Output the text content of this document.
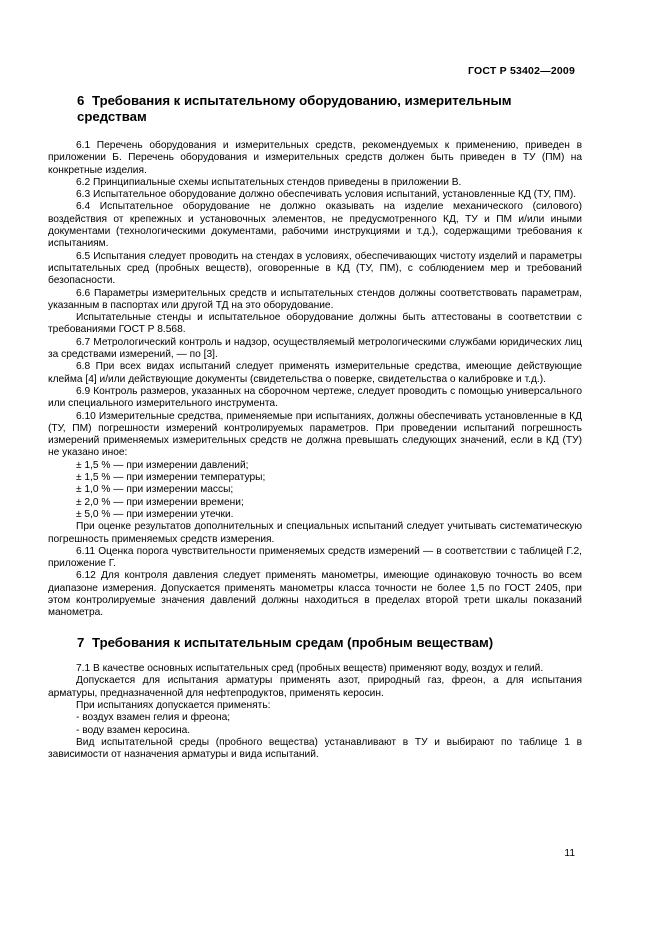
ГОСТ Р 53402—2009
6 Требования к испытательному оборудованию, измерительным средствам

6.1 Перечень оборудования и измерительных средств, рекомендуемых к применению, приведен в приложении Б. Перечень оборудования и измерительных средств должен быть приведен в ТУ (ПМ) на конкретные изделия.

6.2 Принципиальные схемы испытательных стендов приведены в приложении В.

6.3 Испытательное оборудование должно обеспечивать условия испытаний, установленные КД (ТУ, ПМ).

6.4 Испытательное оборудование не должно оказывать на изделие механического (силового) воздействия от крепежных и установочных элементов, не предусмотренного КД, ТУ и ПМ и/или иными документами (технологическими документами, рабочими инструкциями и т.д.), содержащими требования к испытаниям.

6.5 Испытания следует проводить на стендах в условиях, обеспечивающих чистоту изделий и параметры испытательных сред (пробных веществ), оговоренные в КД (ТУ, ПМ), с соблюдением мер и требований безопасности.

6.6 Параметры измерительных средств и испытательных стендов должны соответствовать параметрам, указанным в паспортах или другой ТД на это оборудование.

Испытательные стенды и испытательное оборудование должны быть аттестованы в соответствии с требованиями ГОСТ Р 8.568.

6.7 Метрологический контроль и надзор, осуществляемый метрологическими службами юридических лиц за средствами измерений, — по [3].

6.8 При всех видах испытаний следует применять измерительные средства, имеющие действующие клейма [4] и/или действующие документы (свидетельства о поверке, свидетельства о калибровке и т.д.).

6.9 Контроль размеров, указанных на сборочном чертеже, следует проводить с помощью универсального или специального измерительного инструмента.

6.10 Измерительные средства, применяемые при испытаниях, должны обеспечивать установленные в КД (ТУ, ПМ) погрешности измерений контролируемых параметров. При проведении испытаний погрешность измерений применяемых измерительных средств не должна превышать следующих значений, если в КД (ТУ) не указано иное:

± 1,5 % — при измерении давлений;

± 1,5 % — при измерении температуры;

± 1,0 % — при измерении массы;

± 2,0 % — при измерении времени;

± 5,0 % — при измерении утечки.

При оценке результатов дополнительных и специальных испытаний следует учитывать систематическую погрешность применяемых средств измерения.

6.11 Оценка порога чувствительности применяемых средств измерений — в соответствии с таблицей Г.2, приложение Г.

6.12 Для контроля давления следует применять манометры, имеющие одинаковую точность во всем диапазоне измерения. Допускается применять манометры класса точности не более 1,5 по ГОСТ 2405, при этом контролируемые значения давлений должны находиться в пределах второй трети шкалы показаний манометра.

7 Требования к испытательным средам (пробным веществам)

7.1 В качестве основных испытательных сред (пробных веществ) применяют воду, воздух и гелий.

Допускается для испытания арматуры применять азот, природный газ, фреон, а для испытания арматуры, предназначенной для нефтепродуктов, применять керосин.

При испытаниях допускается применять:

- воздух взамен гелия и фреона;

- воду взамен керосина.

Вид испытательной среды (пробного вещества) устанавливают в ТУ и выбирают по таблице 1 в зависимости от назначения арматуры и вида испытаний.

11
